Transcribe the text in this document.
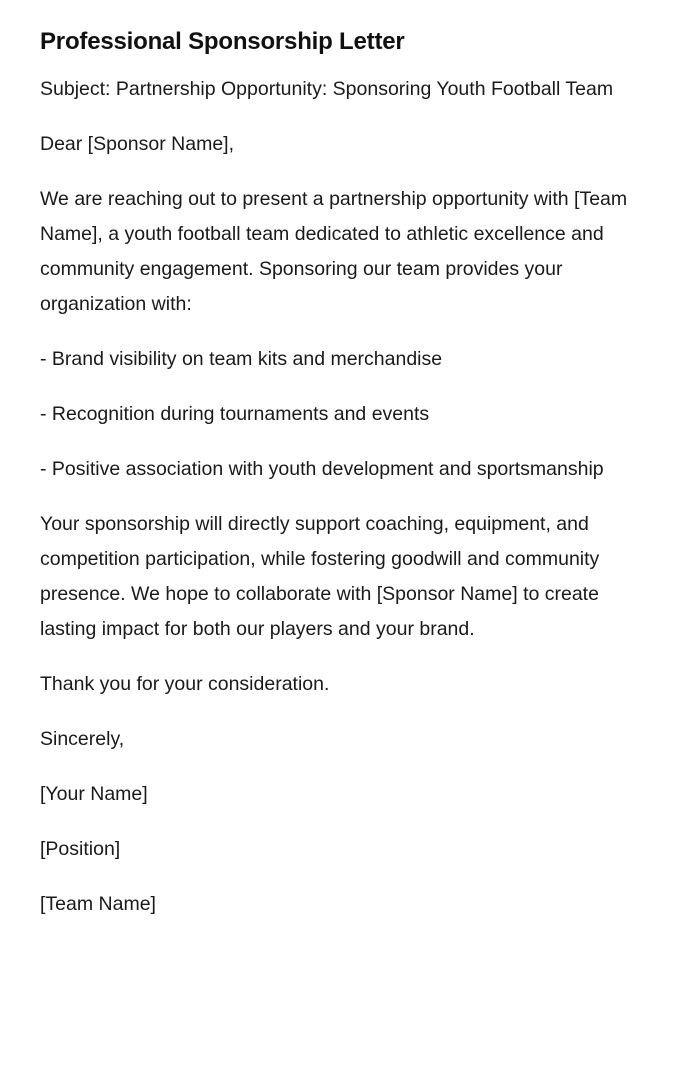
Professional Sponsorship Letter

Subject: Partnership Opportunity: Sponsoring Youth Football Team

Dear [Sponsor Name],

We are reaching out to present a partnership opportunity with [Team Name], a youth football team dedicated to athletic excellence and community engagement. Sponsoring our team provides your organization with:

- Brand visibility on team kits and merchandise

- Recognition during tournaments and events

- Positive association with youth development and sportsmanship

Your sponsorship will directly support coaching, equipment, and competition participation, while fostering goodwill and community presence. We hope to collaborate with [Sponsor Name] to create lasting impact for both our players and your brand.

Thank you for your consideration.

Sincerely,

[Your Name]

[Position]

[Team Name]
